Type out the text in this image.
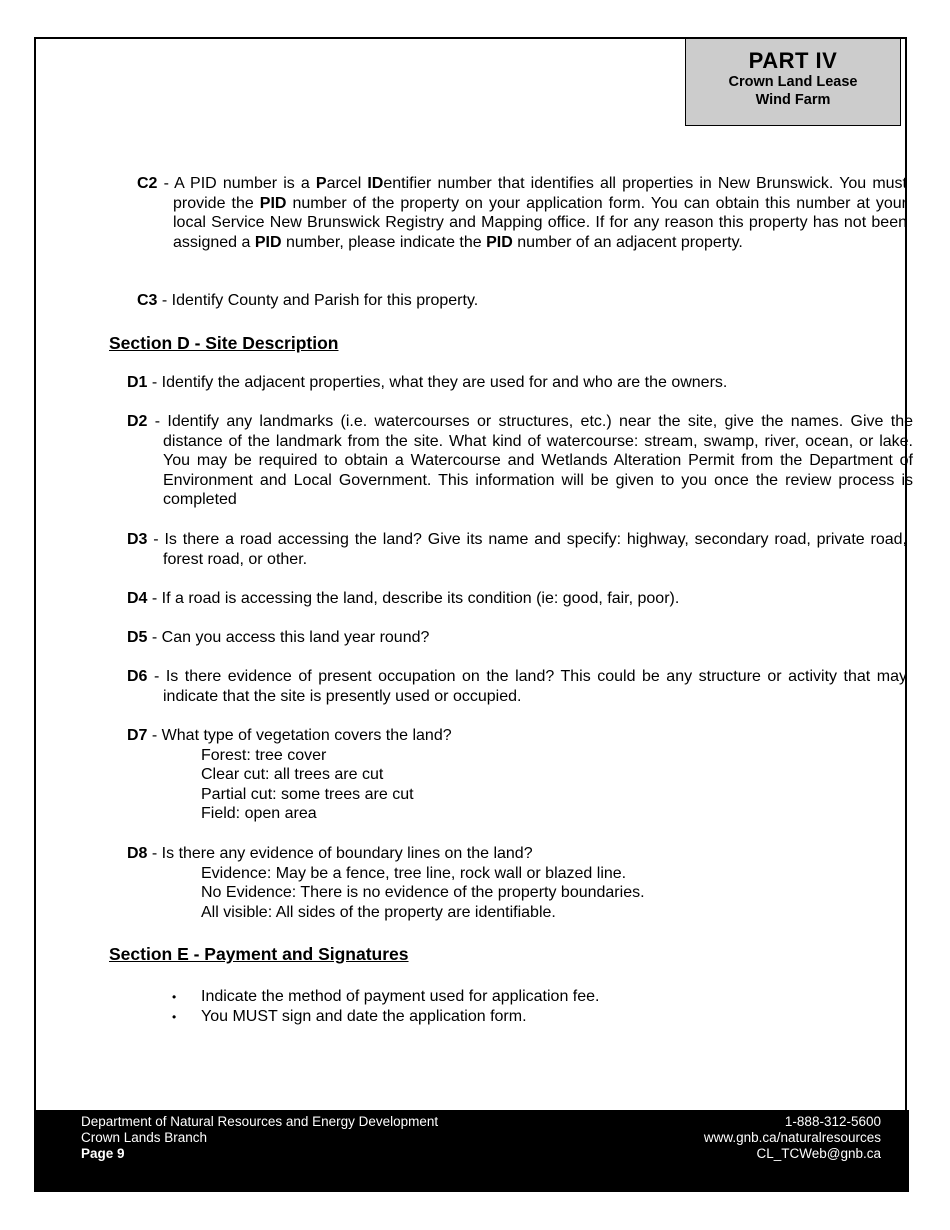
PART IV
Crown Land Lease
Wind Farm
C2 - A PID number is a Parcel IDentifier number that identifies all properties in New Brunswick. You must provide the PID number of the property on your application form. You can obtain this number at your local Service New Brunswick Registry and Mapping office. If for any reason this property has not been assigned a PID number, please indicate the PID number of an adjacent property.
C3 - Identify County and Parish for this property.
Section D - Site Description
D1 - Identify the adjacent properties, what they are used for and who are the owners.
D2 - Identify any landmarks (i.e. watercourses or structures, etc.) near the site, give the names. Give the distance of the landmark from the site. What kind of watercourse: stream, swamp, river, ocean, or lake. You may be required to obtain a Watercourse and Wetlands Alteration Permit from the Department of Environment and Local Government. This information will be given to you once the review process is completed
D3 - Is there a road accessing the land? Give its name and specify: highway, secondary road, private road, forest road, or other.
D4 - If a road is accessing the land, describe its condition (ie: good, fair, poor).
D5 - Can you access this land year round?
D6 - Is there evidence of present occupation on the land? This could be any structure or activity that may indicate that the site is presently used or occupied.
D7 - What type of vegetation covers the land?
Forest: tree cover
Clear cut: all trees are cut
Partial cut: some trees are cut
Field: open area
D8 - Is there any evidence of boundary lines on the land?
Evidence: May be a fence, tree line, rock wall or blazed line.
No Evidence: There is no evidence of the property boundaries.
All visible: All sides of the property are identifiable.
Section E - Payment and Signatures
• Indicate the method of payment used for application fee.
• You MUST sign and date the application form.
Department of Natural Resources and Energy Development
Crown Lands Branch
Page 9
1-888-312-5600
www.gnb.ca/naturalresources
CL_TCWeb@gnb.ca
